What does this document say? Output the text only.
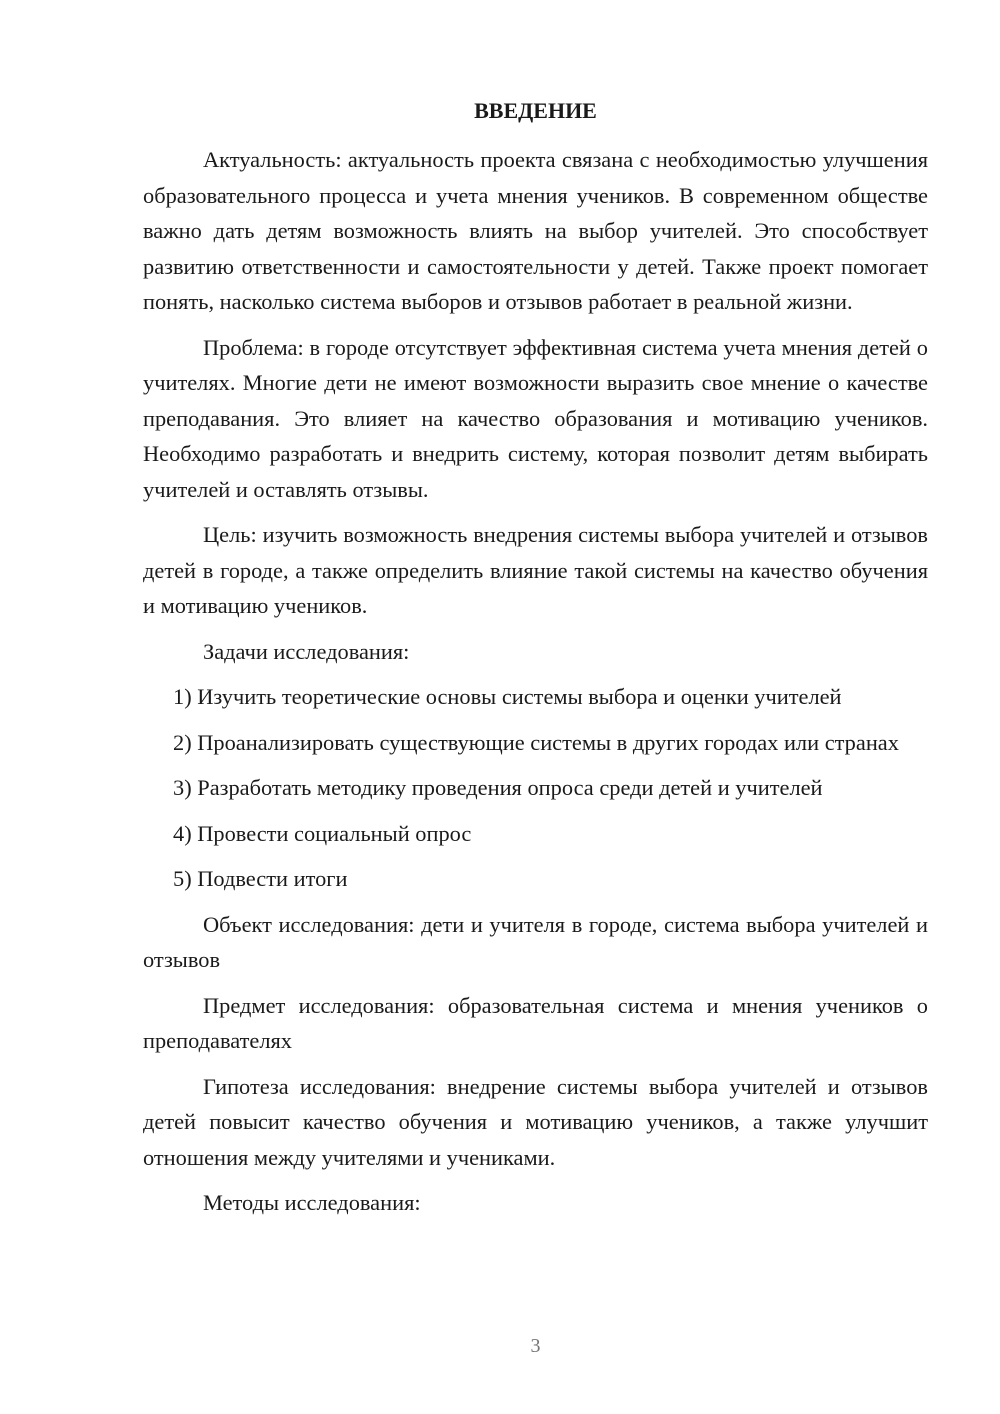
ВВЕДЕНИЕ

Актуальность: актуальность проекта связана с необходимостью улучшения образовательного процесса и учета мнения учеников. В современном обществе важно дать детям возможность влиять на выбор учителей. Это способствует развитию ответственности и самостоятельности у детей. Также проект помогает понять, насколько система выборов и отзывов работает в реальной жизни.

Проблема: в городе отсутствует эффективная система учета мнения детей о учителях. Многие дети не имеют возможности выразить свое мнение о качестве преподавания. Это влияет на качество образования и мотивацию учеников. Необходимо разработать и внедрить систему, которая позволит детям выбирать учителей и оставлять отзывы.

Цель: изучить возможность внедрения системы выбора учителей и отзывов детей в городе, а также определить влияние такой системы на качество обучения и мотивацию учеников.

Задачи исследования:

1) Изучить теоретические основы системы выбора и оценки учителей

2) Проанализировать существующие системы в других городах или странах

3) Разработать методику проведения опроса среди детей и учителей

4) Провести социальный опрос

5) Подвести итоги

Объект исследования: дети и учителя в городе, система выбора учителей и отзывов

Предмет исследования: образовательная система и мнения учеников о преподавателях

Гипотеза исследования: внедрение системы выбора учителей и отзывов детей повысит качество обучения и мотивацию учеников, а также улучшит отношения между учителями и учениками.

Методы исследования:

3
